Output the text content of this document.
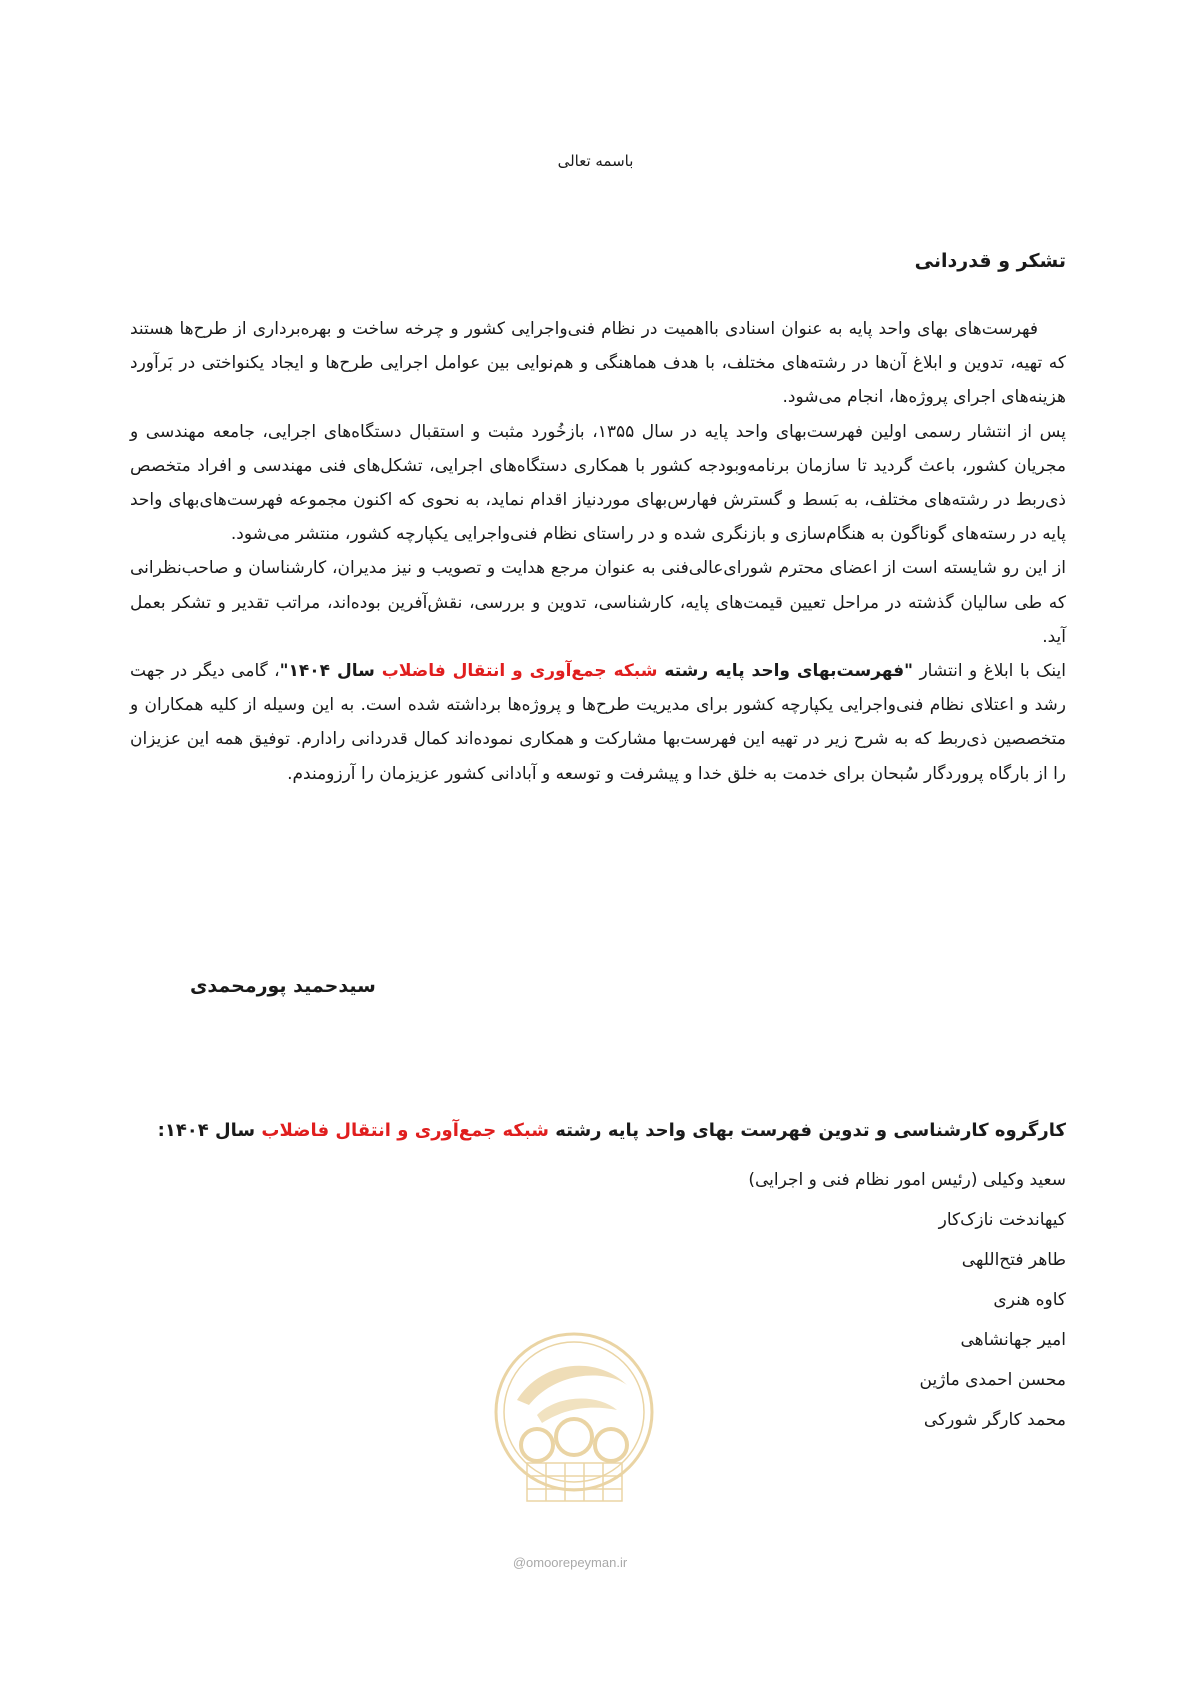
باسمه تعالی
تشکر و قدردانی

فهرست‌های بهای واحد پایه به عنوان اسنادی بااهمیت در نظام فنی‌واجرایی کشور و چرخه ساخت و بهره‌برداری از طرح‌ها هستند که تهیه، تدوین و ابلاغ آن‌ها در رشته‌های مختلف، با هدف هماهنگی و هم‌نوایی بین عوامل اجرایی طرح‌ها و ایجاد یکنواختی در بَرآورد هزینه‌های اجرای پروژه‌ها، انجام می‌شود.

پس از انتشار رسمی اولین فهرست‌بهای واحد پایه در سال ۱۳۵۵، بازخُورد مثبت و استقبال دستگاه‌های اجرایی، جامعه مهندسی و مجریان کشور، باعث گردید تا سازمان برنامه‌وبودجه کشور با همکاری دستگاه‌های اجرایی، تشکل‌های فنی مهندسی و افراد متخصص ذی‌ربط در رشته‌های مختلف، به بَسط و گسترش فهارس‌بهای موردنیاز اقدام نماید، به نحوی که اکنون مجموعه فهرست‌های‌بهای واحد پایه در رسته‌های گوناگون به هنگام‌سازی و بازنگری شده و در راستای نظام فنی‌واجرایی یکپارچه کشور، منتشر می‌شود.

از این رو شایسته است از اعضای محترم شورای‌عالی‌فنی به عنوان مرجع هدایت و تصویب و نیز مدیران، کارشناسان و صاحب‌نظرانی که طی سالیان گذشته در مراحل تعیین قیمت‌های پایه، کارشناسی، تدوین و بررسی، نقش‌آفرین بوده‌اند، مراتب تقدیر و تشکر بعمل آید.

اینک با ابلاغ و انتشار "فهرست‌بهای واحد پایه رشته شبکه جمع‌آوری و انتقال فاضلاب سال ۱۴۰۴"، گامی دیگر در جهت رشد و اعتلای نظام فنی‌واجرایی یکپارچه کشور برای مدیریت طرح‌ها و پروژه‌ها برداشته شده است. به این وسیله از کلیه همکاران و متخصصین ذی‌ربط که به شرح زیر در تهیه این فهرست‌بها مشارکت و همکاری نموده‌اند کمال قدردانی رادارم. توفیق همه این عزیزان را از بارگاه پروردگار سُبحان برای خدمت به خلق خدا و پیشرفت و توسعه و آبادانی کشور عزیزمان را آرزومندم.

سیدحمید پورمحمدی
کارگروه کارشناسی و تدوین فهرست بهای واحد پایه رشته شبکه جمع‌آوری و انتقال فاضلاب سال ۱۴۰۴:
سعید وکیلی (رئیس امور نظام فنی و اجرایی)
کیهاندخت نازک‌کار
طاهر فتح‌اللهی
کاوه هنری
امیر جهانشاهی
محسن احمدی ماژین
محمد کارگر شورکی
@omoorepeyman.ir
